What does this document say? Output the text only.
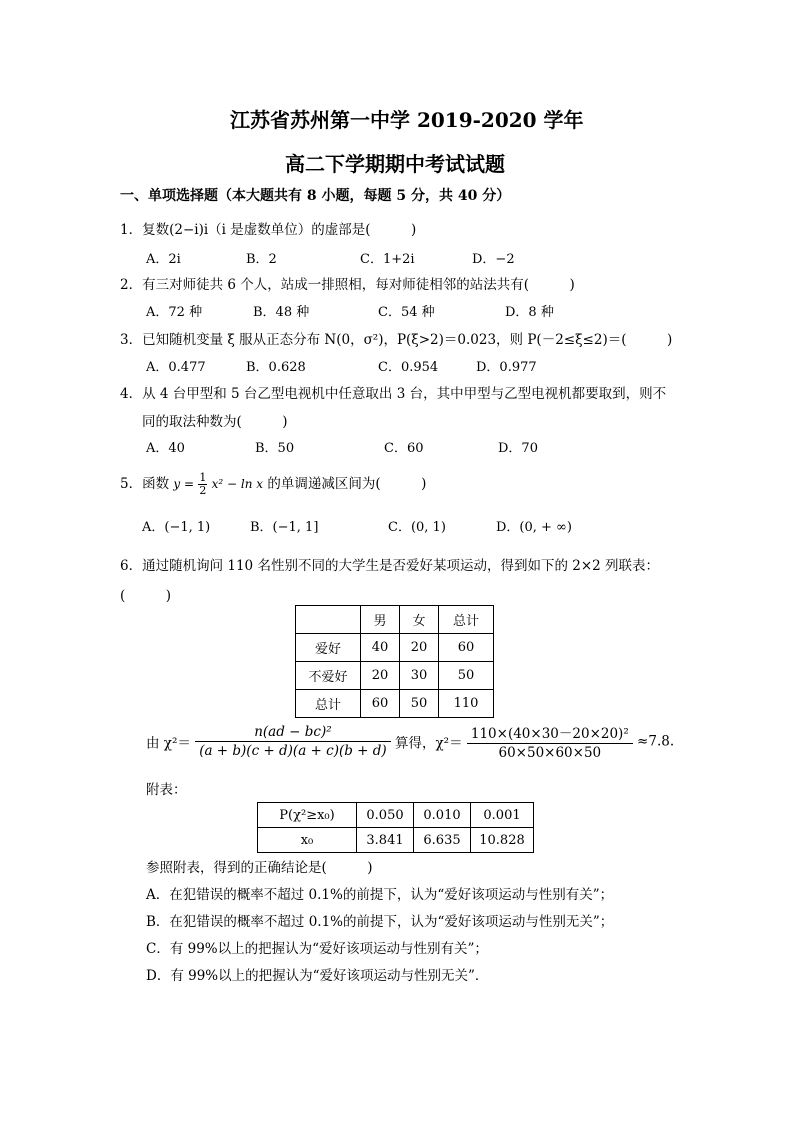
江苏省苏州第一中学 2019-2020 学年
高二下学期期中考试试题
一、单项选择题（本大题共有 8 小题，每题 5 分，共 40 分）
1．复数(2−i)i（i 是虚数单位）的虚部是(　　　)
A．2i	B．2	C．1+2i	D．−2
2．有三对师徒共 6 个人，站成一排照相，每对师徒相邻的站法共有(　　　)
A．72 种	B．48 种	C．54 种	D．8 种
3．已知随机变量 ξ 服从正态分布 N(0，σ²)，P(ξ>2)＝0.023，则 P(－2≤ξ≤2)＝(　　　)
A．0.477	B．0.628	C．0.954	D．0.977
4．从 4 台甲型和 5 台乙型电视机中任意取出 3 台，其中甲型与乙型电视机都要取到，则不
同的取法种数为(　　　)
A．40	B．50	C．60	D．70
5．函数 $y = \frac{1}{2} x^2 - \ln x$ 的单调递减区间为(　　　)
A．(−1, 1)	B．(−1, 1]	C．(0, 1)	D．(0, + ∞)
6．通过随机询问 110 名性别不同的大学生是否爱好某项运动，得到如下的 2×2 列联表：
(　　　)
	男	女	总计
爱好	40	20	60
不爱好	20	30	50
总计	60	50	110
由 $\chi^2= \frac{\text{n(ad − bc)²}}{(a + b)(c + d)(a + c)(b + d)}$ 算得，$\chi^2= \frac{\text{110×(40×30－20×20)²}}{60\times 50\times 60\times 50} \approx 7.8$.
附表：
P(χ²≥x₀)	0.050	0.010	0.001
x₀	3.841	6.635	10.828
参照附表，得到的正确结论是(　　　)
A．在犯错误的概率不超过 0.1%的前提下，认为“爱好该项运动与性别有关”；
B．在犯错误的概率不超过 0.1%的前提下，认为“爱好该项运动与性别无关”；
C．有 99%以上的把握认为“爱好该项运动与性别有关”；
D．有 99%以上的把握认为“爱好该项运动与性别无关”．
